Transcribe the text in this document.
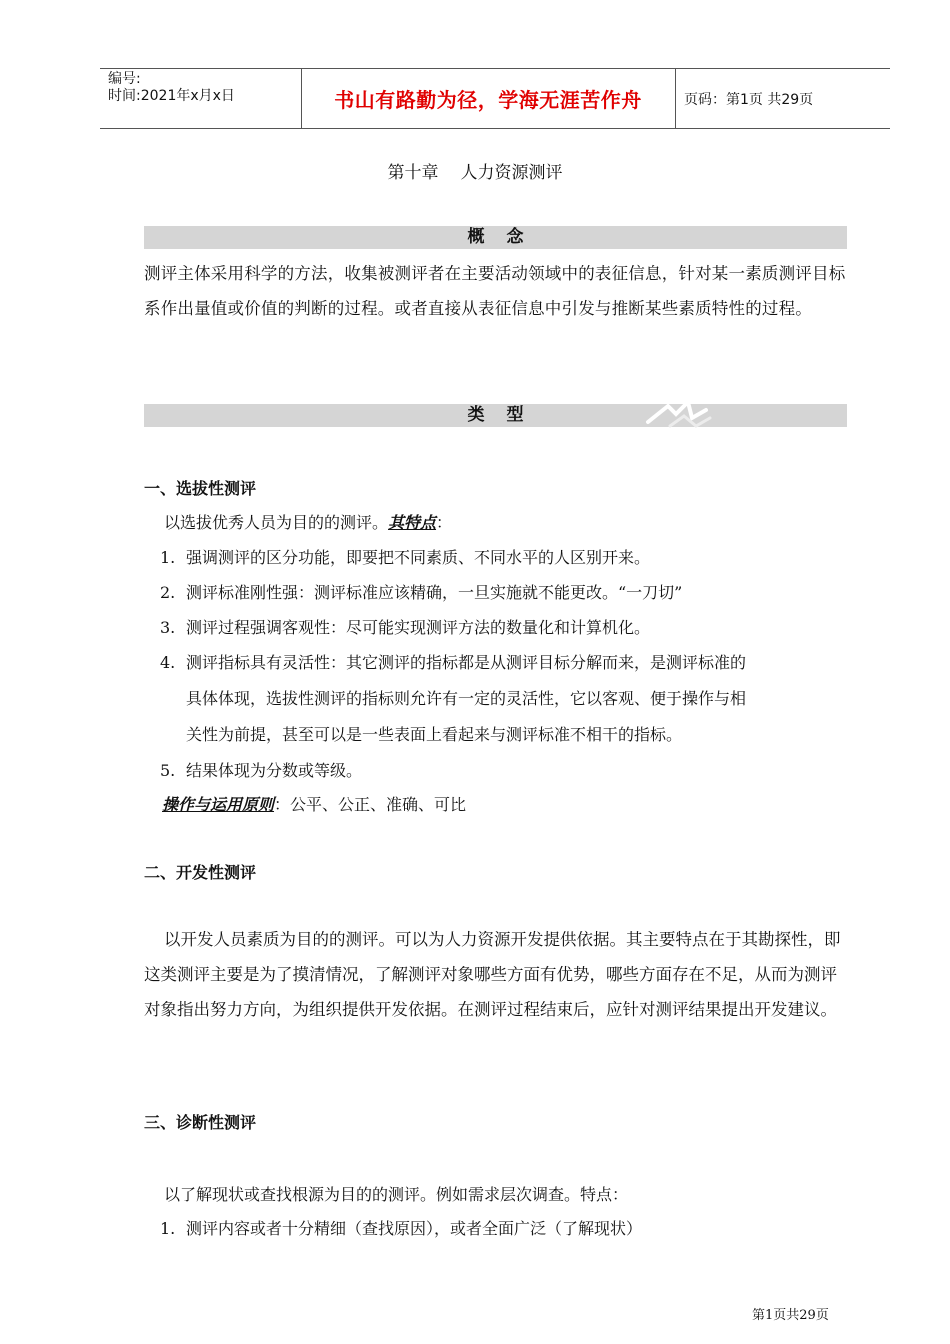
编号:
时间:2021年x月x日	书山有路勤为径，学海无涯苦作舟	页码：第1页 共29页
第十章 人力资源测评
概念

测评主体采用科学的方法，收集被测评者在主要活动领域中的表征信息，针对某一素质测评目标系作出量值或价值的判断的过程。或者直接从表征信息中引发与推断某些素质特性的过程。

类型
一、选拔性测评
以选拔优秀人员为目的的测评。其特点：
1. 强调测评的区分功能，即要把不同素质、不同水平的人区别开来。
2. 测评标准刚性强：测评标准应该精确，一旦实施就不能更改。“一刀切”
3. 测评过程强调客观性：尽可能实现测评方法的数量化和计算机化。
4. 测评指标具有灵活性：其它测评的指标都是从测评目标分解而来，是测评标准的
具体体现，选拔性测评的指标则允许有一定的灵活性，它以客观、便于操作与相
关性为前提，甚至可以是一些表面上看起来与测评标准不相干的指标。
5. 结果体现为分数或等级。
操作与运用原则：公平、公正、准确、可比
二、开发性测评

以开发人员素质为目的的测评。可以为人力资源开发提供依据。其主要特点在于其勘探性，即这类测评主要是为了摸清情况，了解测评对象哪些方面有优势，哪些方面存在不足，从而为测评对象指出努力方向，为组织提供开发依据。在测评过程结束后，应针对测评结果提出开发建议。

三、诊断性测评
以了解现状或查找根源为目的的测评。例如需求层次调查。特点：
1. 测评内容或者十分精细（查找原因），或者全面广泛（了解现状）
第1页共29页
